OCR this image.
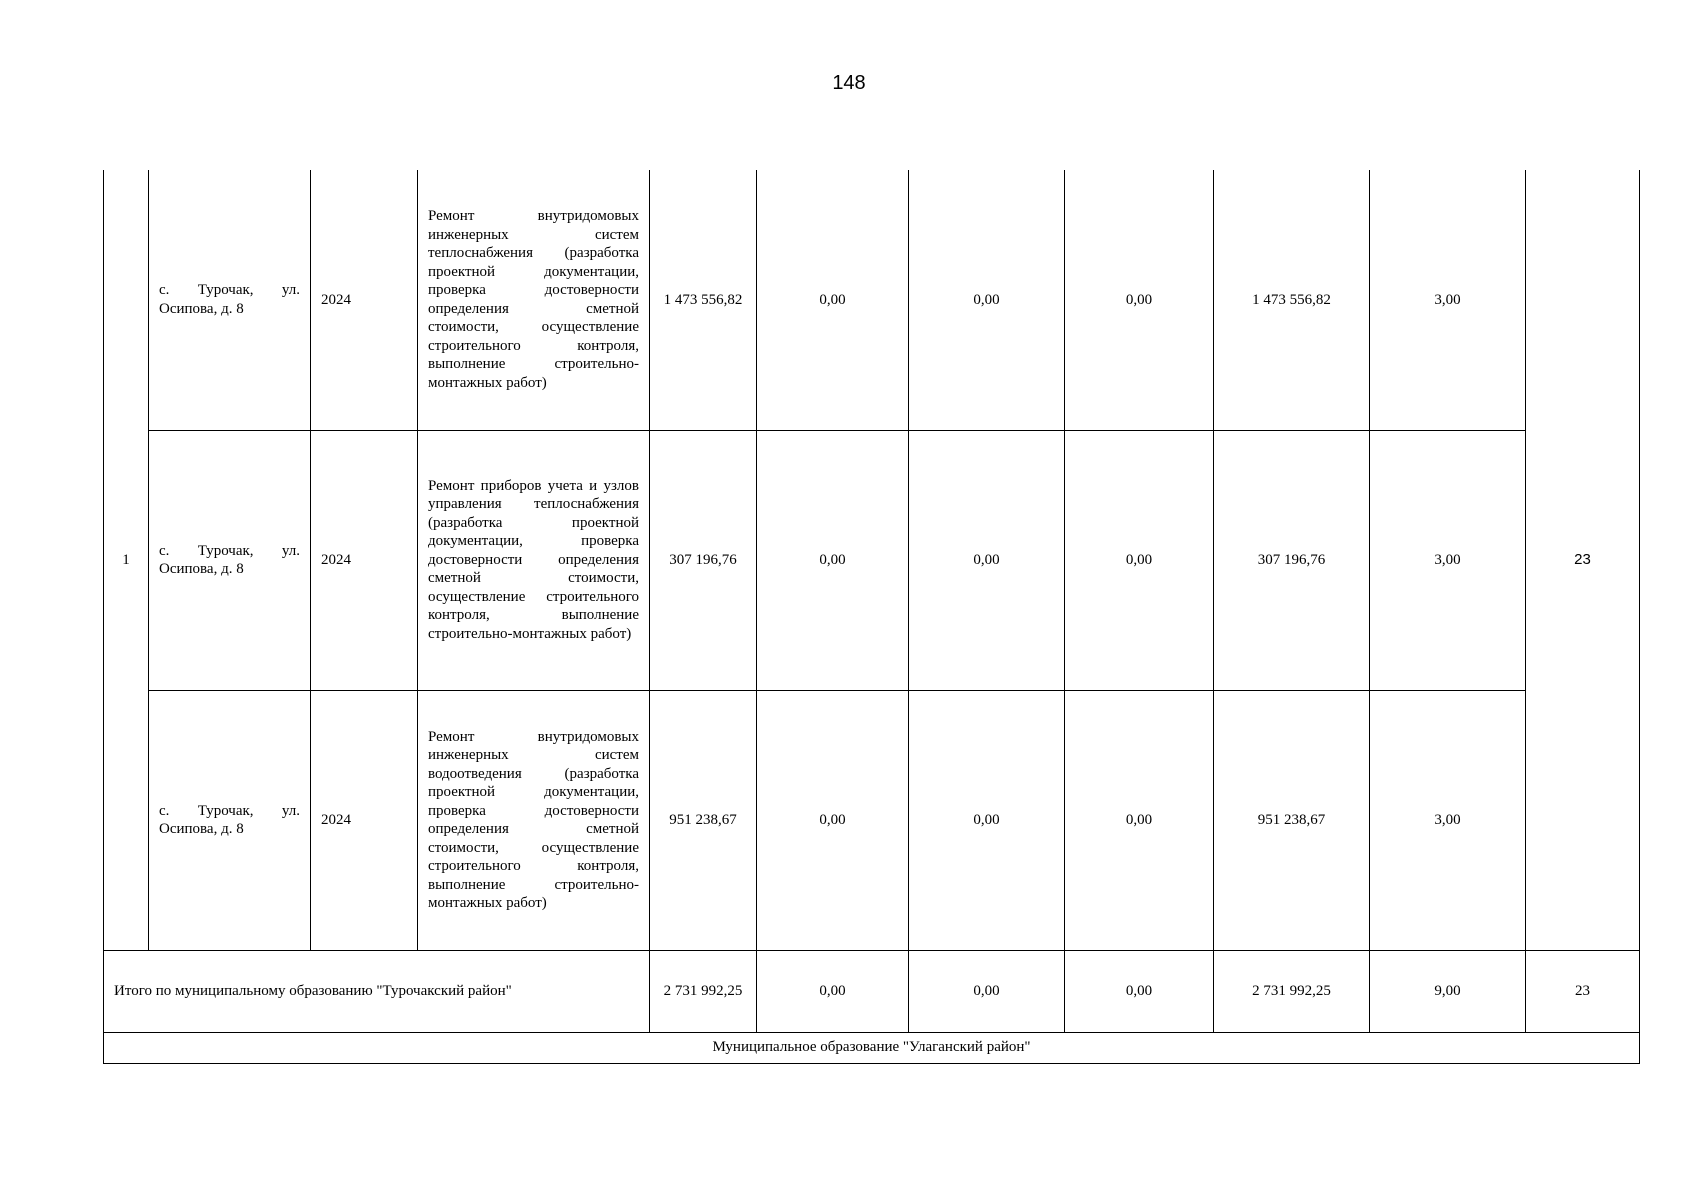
148
1	с. Турочак, ул. Осипова, д. 8	2024	Ремонт внутридомовых инженерных систем теплоснабжения (разработка проектной документации, проверка достоверности определения сметной стоимости, осуществление строительного контроля, выполнение строительно-монтажных работ)	1 473 556,82	0,00	0,00	0,00	1 473 556,82	3,00	23
	с. Турочак, ул. Осипова, д. 8	2024	Ремонт приборов учета и узлов управления теплоснабжения (разработка проектной документации, проверка достоверности определения сметной стоимости, осуществление строительного контроля, выполнение строительно-монтажных работ)	307 196,76	0,00	0,00	0,00	307 196,76	3,00	
	с. Турочак, ул. Осипова, д. 8	2024	Ремонт внутридомовых инженерных систем водоотведения (разработка проектной документации, проверка достоверности определения сметной стоимости, осуществление строительного контроля, выполнение строительно-монтажных работ)	951 238,67	0,00	0,00	0,00	951 238,67	3,00	
Итого по муниципальному образованию "Турочакский район"				2 731 992,25	0,00	0,00	0,00	2 731 992,25	9,00	23
Муниципальное образование "Улаганский район"										
